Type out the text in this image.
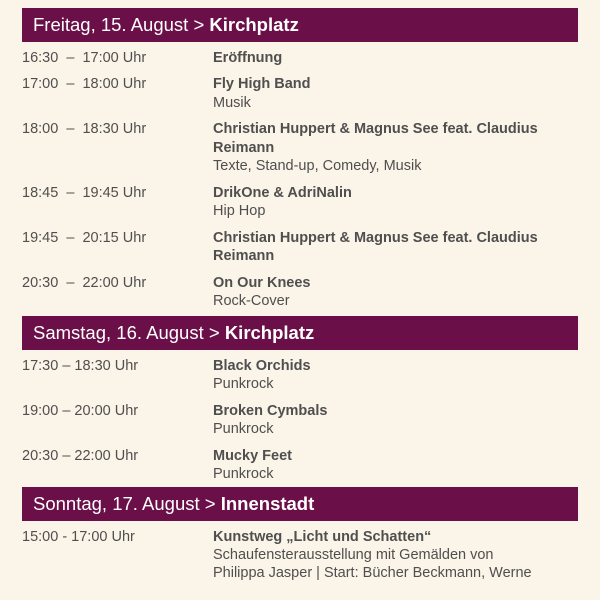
Freitag, 15. August > Kirchplatz
16:30  –  17:00 Uhr	Eröffnung
17:00  –  18:00 Uhr	Fly High Band
Musik
18:00  –  18:30 Uhr	Christian Huppert & Magnus See feat. Claudius Reimann
Texte, Stand-up, Comedy, Musik
18:45  –  19:45 Uhr	DrikOne & AdriNalin
Hip Hop
19:45  –  20:15 Uhr	Christian Huppert & Magnus See feat. Claudius Reimann
20:30  –  22:00 Uhr	On Our Knees
Rock-Cover
Samstag, 16. August > Kirchplatz
17:30 – 18:30 Uhr	Black Orchids
Punkrock
19:00 – 20:00 Uhr	Broken Cymbals
Punkrock
20:30 – 22:00 Uhr	Mucky Feet
Punkrock
Sonntag, 17. August > Innenstadt
15:00 - 17:00 Uhr	Kunstweg „Licht und Schatten“
Schaufensterausstellung mit Gemälden von
Philippa Jasper | Start: Bücher Beckmann, Werne
